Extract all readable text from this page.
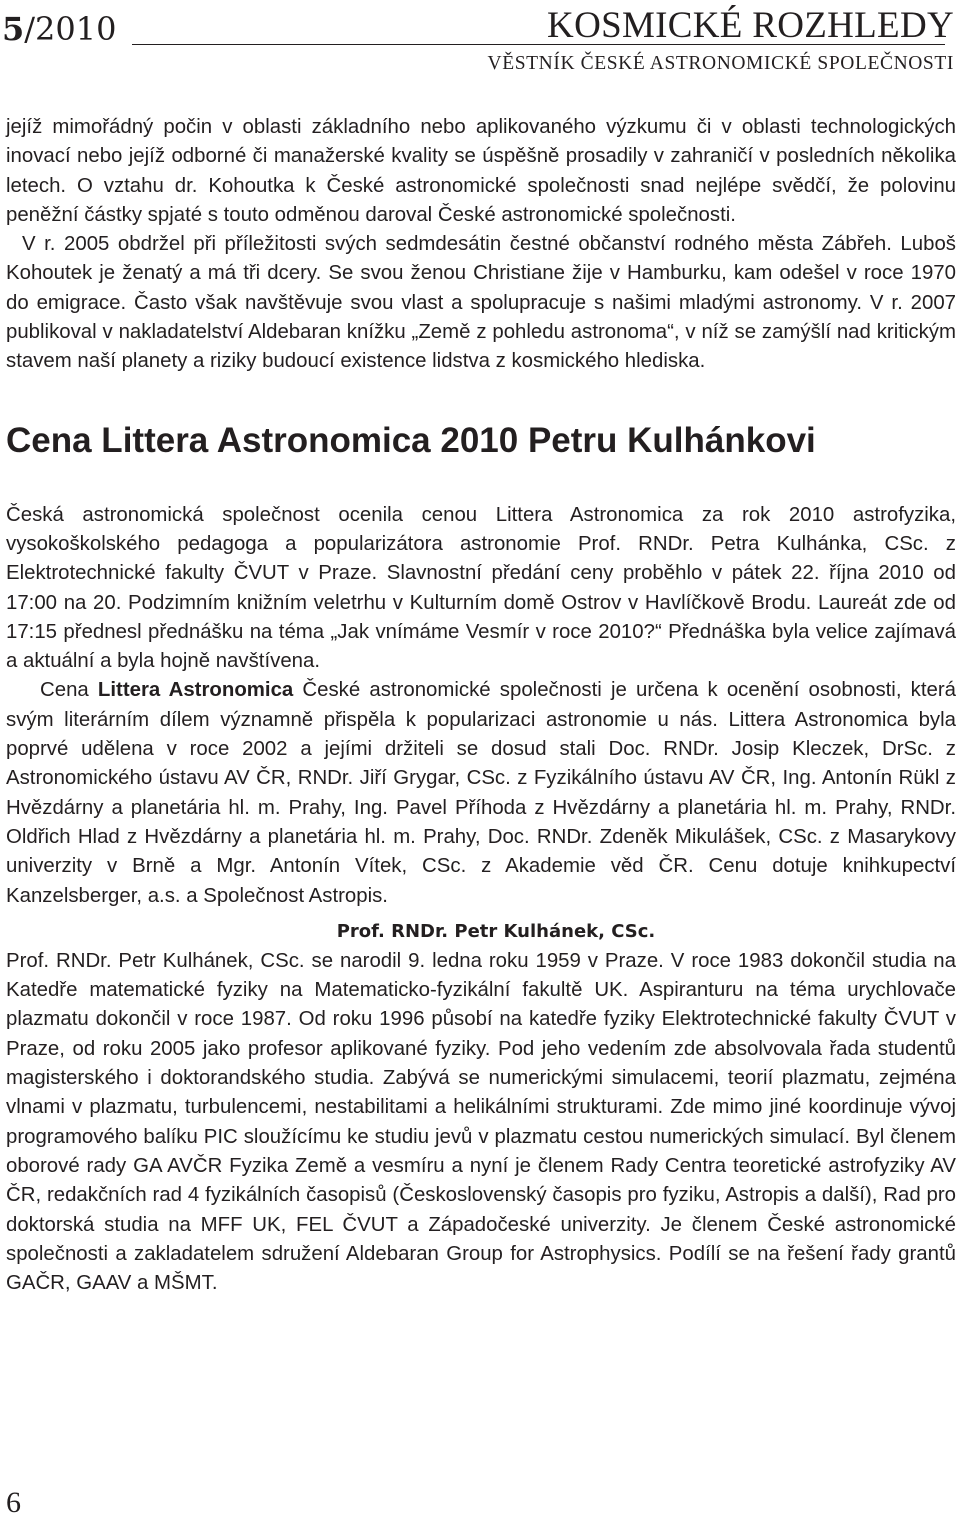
5/2010	KOSMICKÉ ROZHLEDY
VĚSTNÍK ČESKÉ ASTRONOMICKÉ SPOLEČNOSTI

jejíž mimořádný počin v oblasti základního nebo aplikovaného výzkumu či v oblasti technologických inovací nebo jejíž odborné či manažerské kvality se úspěšně prosadily v zahraničí v posledních několika letech. O vztahu dr. Kohoutka k České astronomické společnosti snad nejlépe svědčí, že polovinu peněžní částky spjaté s touto odměnou daroval České astronomické společnosti.

V r. 2005 obdržel při příležitosti svých sedmdesátin čestné občanství rodného města Zábřeh. Luboš Kohoutek je ženatý a má tři dcery. Se svou ženou Christiane žije v Hamburku, kam odešel v roce 1970 do emigrace. Často však navštěvuje svou vlast a spolupracuje s našimi mladými astronomy. V r. 2007 publikoval v nakladatelství Aldebaran knížku „Země z pohledu astronoma“, v níž se zamýšlí nad kritickým stavem naší planety a riziky budoucí existence lidstva z kosmického hlediska.

Cena Littera Astronomica 2010 Petru Kulhánkovi

Česká astronomická společnost ocenila cenou Littera Astronomica za rok 2010 astrofyzika, vysokoškolského pedagoga a popularizátora astronomie Prof. RNDr. Petra Kulhánka, CSc. z Elektrotechnické fakulty ČVUT v Praze. Slavnostní předání ceny proběhlo v pátek 22. října 2010 od 17:00 na 20. Podzimním knižním veletrhu v Kulturním domě Ostrov v Havlíčkově Brodu. Laureát zde od 17:15 přednesl přednášku na téma „Jak vnímáme Vesmír v roce 2010?“ Přednáška byla velice zajímavá a aktuální a byla hojně navštívena.

Cena Littera Astronomica České astronomické společnosti je určena k ocenění osobnosti, která svým literárním dílem významně přispěla k popularizaci astronomie u nás. Littera Astronomica byla poprvé udělena v roce 2002 a jejími držiteli se dosud stali Doc. RNDr. Josip Kleczek, DrSc. z Astronomického ústavu AV ČR, RNDr. Jiří Grygar, CSc. z Fyzikálního ústavu AV ČR, Ing. Antonín Rükl z Hvězdárny a planetária hl. m. Prahy, Ing. Pavel Příhoda z Hvězdárny a planetária hl. m. Prahy, RNDr. Oldřich Hlad z Hvězdárny a planetária hl. m. Prahy, Doc. RNDr. Zdeněk Mikulášek, CSc. z Masarykovy univerzity v Brně a Mgr. Antonín Vítek, CSc. z Akademie věd ČR. Cenu dotuje knihkupectví Kanzelsberger, a.s. a Společnost Astropis.

Prof. RNDr. Petr Kulhánek, CSc.

Prof. RNDr. Petr Kulhánek, CSc. se narodil 9. ledna roku 1959 v Praze. V roce 1983 dokončil studia na Katedře matematické fyziky na Matematicko-fyzikální fakultě UK. Aspiranturu na téma urychlovače plazmatu dokončil v roce 1987. Od roku 1996 působí na katedře fyziky Elektrotechnické fakulty ČVUT v Praze, od roku 2005 jako profesor aplikované fyziky. Pod jeho vedením zde absolvovala řada studentů magisterského i doktorandského studia. Zabývá se numerickými simulacemi, teorií plazmatu, zejména vlnami v plazmatu, turbulencemi, nestabilitami a helikálními strukturami. Zde mimo jiné koordinuje vývoj programového balíku PIC sloužícímu ke studiu jevů v plazmatu cestou numerických simulací. Byl členem oborové rady GA AVČR Fyzika Země a vesmíru a nyní je členem Rady Centra teoretické astrofyziky AV ČR, redakčních rad 4 fyzikálních časopisů (Československý časopis pro fyziku, Astropis a další), Rad pro doktorská studia na MFF UK, FEL ČVUT a Západočeské univerzity. Je členem České astronomické společnosti a zakladatelem sdružení Aldebaran Group for Astrophysics. Podílí se na řešení řady grantů GAČR, GAAV a MŠMT.

6
